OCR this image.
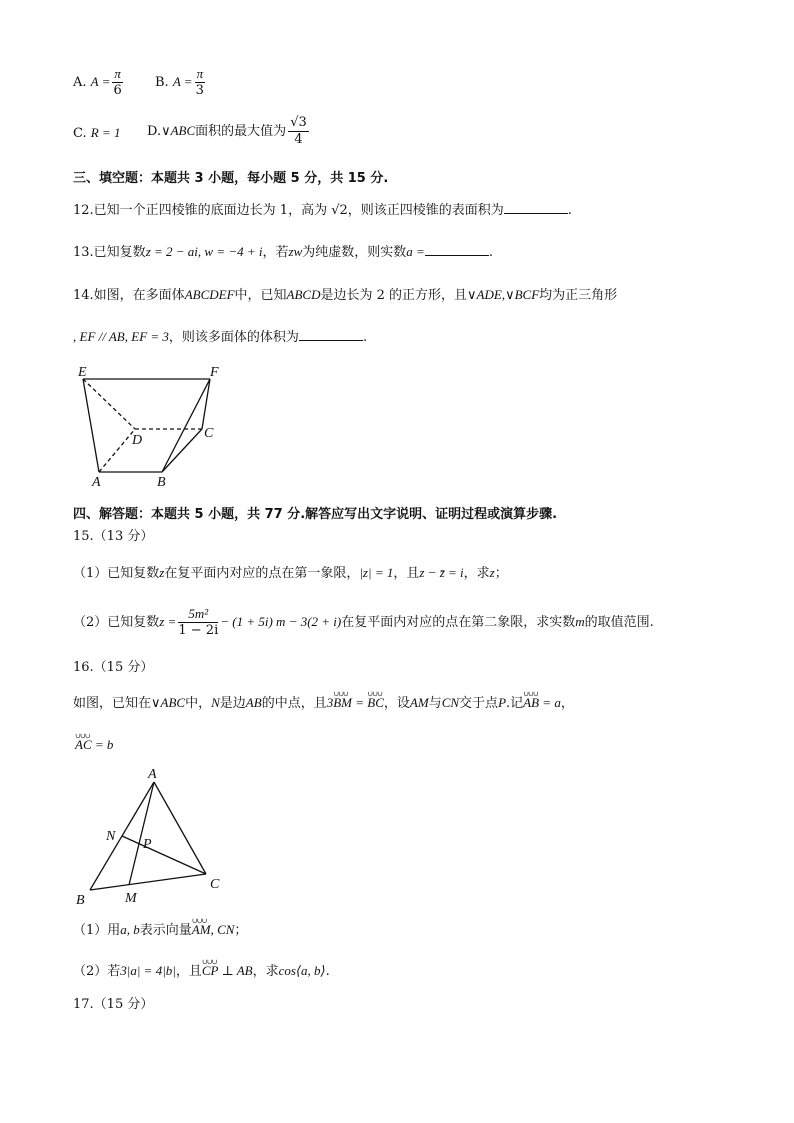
A. $A = \frac{\pi}{6} B$. $A = \frac{\pi}{3}$
C. R = 1 D.∨ABC面积的最大值为 $\frac{√3}{4}$
三、填空题：本题共 3 小题，每小题 5 分，共 15 分.
12.已知一个正四棱锥的底面边长为 1，高为 √2，则该正四棱锥的表面积为	.
13.已知复数z = 2 − ai, w = −4 + i，若zw为纯虚数，则实数a =	.
14.如图，在多面体ABCDEF中，已知ABCD是边长为 2 的正方形，且∨ADE,∨BCF均为正三角形
, EF // AB, EF = 3，则该多面体的体积为	.
E	F
D	C
A	B
四、解答题：本题共 5 小题，共 77 分.解答应写出文字说明、证明过程或演算步骤.
15.（13 分）
（1）已知复数z在复平面内对应的点在第一象限，|z| = 1，且z − z̄ = i，求z；
（2）已知复数$z = \frac{\text{5m²}}{1 - 2i} - (1 + 5i) m - 3(2 + i)$在复平面内对应的点在第二象限，求实数m的取值范围.
16.（15 分）
如图，已知在∨ABC中，N是边AB的中点，且3∪∪∪ BM = ∪∪∪ BC，设AM与CN交于点P.记∪∪∪ AB = a，
∪∪∪ AC = b
A
N
P
B	M
C
（1）用a, b表示向量∪∪∪ AM, CN；
（2）若3|a| = 4|b|，且∪∪∪ CP ⊥ AB，求cos⟨a, b⟩.
17.（15 分）
